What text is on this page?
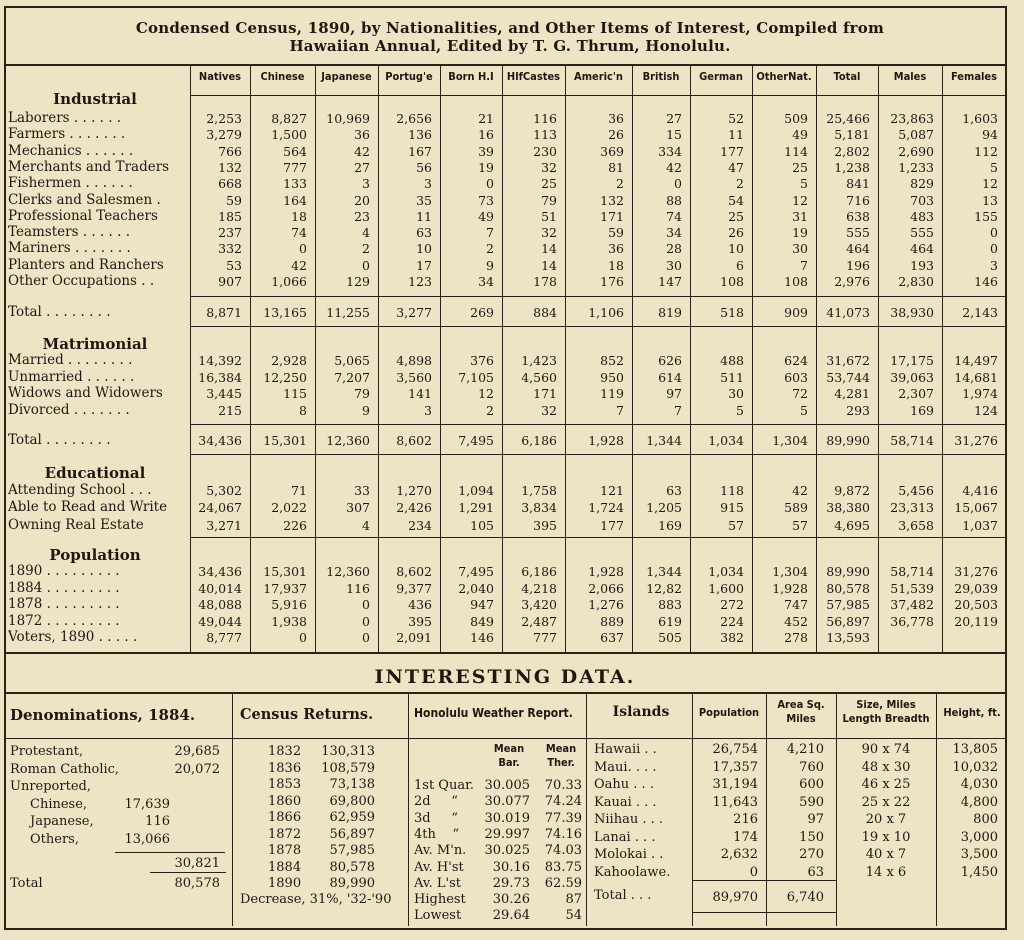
Condensed Census, 1890, by Nationalities, and Other Items of Interest, Compiled from
Hawaiian Annual, Edited by T. G. Thrum, Honolulu.
Natives	Chinese	Japanese	Portug'e	Born H.I	HlfCastes	Americ'n	British	German	OtherNat.	Total	Males	Females
Industrial
Laborers . . . . . .	2,253	8,827	10,969	2,656	21	116	36	27	52	509	25,466	23,863	1,603
Farmers . . . . . . .	3,279	1,500	36	136	16	113	26	15	11	49	5,181	5,087	94
Mechanics . . . . . .	766	564	42	167	39	230	369	334	177	114	2,802	2,690	112
Merchants and Traders	132	777	27	56	19	32	81	42	47	25	1,238	1,233	5
Fishermen . . . . . .	668	133	3	3	0	25	2	0	2	5	841	829	12
Clerks and Salesmen .	59	164	20	35	73	79	132	88	54	12	716	703	13
Professional Teachers	185	18	23	11	49	51	171	74	25	31	638	483	155
Teamsters . . . . . .	237	74	4	63	7	32	59	34	26	19	555	555	0
Mariners . . . . . . .	332	0	2	10	2	14	36	28	10	30	464	464	0
Planters and Ranchers	53	42	0	17	9	14	18	30	6	7	196	193	3
Other Occupations . .	907	1,066	129	123	34	178	176	147	108	108	2,976	2,830	146
Total . . . . . . . .	8,871	13,165	11,255	3,277	269	884	1,106	819	518	909	41,073	38,930	2,143
Matrimonial
Married . . . . . . . .	14,392	2,928	5,065	4,898	376	1,423	852	626	488	624	31,672	17,175	14,497
Unmarried . . . . . .	16,384	12,250	7,207	3,560	7,105	4,560	950	614	511	603	53,744	39,063	14,681
Widows and Widowers	3,445	115	79	141	12	171	119	97	30	72	4,281	2,307	1,974
Divorced . . . . . . .	215	8	9	3	2	32	7	7	5	5	293	169	124
Total . . . . . . . .	34,436	15,301	12,360	8,602	7,495	6,186	1,928	1,344	1,034	1,304	89,990	58,714	31,276
Educational
Attending School . . .	5,302	71	33	1,270	1,094	1,758	121	63	118	42	9,872	5,456	4,416
Able to Read and Write	24,067	2,022	307	2,426	1,291	3,834	1,724	1,205	915	589	38,380	23,313	15,067
Owning Real Estate	3,271	226	4	234	105	395	177	169	57	57	4,695	3,658	1,037
Population
1890 . . . . . . . . .	34,436	15,301	12,360	8,602	7,495	6,186	1,928	1,344	1,034	1,304	89,990	58,714	31,276
1884 . . . . . . . . .	40,014	17,937	116	9,377	2,040	4,218	2,066	12,82	1,600	1,928	80,578	51,539	29,039
1878 . . . . . . . . .	48,088	5,916	0	436	947	3,420	1,276	883	272	747	57,985	37,482	20,503
1872 . . . . . . . . .	49,044	1,938	0	395	849	2,487	889	619	224	452	56,897	36,778	20,119
Voters, 1890 . . . . .	8,777	0	0	2,091	146	777	637	505	382	278	13,593
INTERESTING DATA.
Denominations, 1884.
Protestant,	29,685
Roman Catholic,	20,072
Unreported,
Chinese,	17,639
Japanese,	116
Others,	13,066
30,821
Total	80,578
Census Returns.
1832	130,313
1836	108,579
1853	73,138
1860	69,800
1866	62,959
1872	56,897
1878	57,985
1884	80,578
1890	89,990
Decrease, 31%, '32-'90
Honolulu Weather Report.
Mean Bar.
Mean Ther.
1st Quar. 30.005	70.33
2d     “ 30.077	74.24
3d     “ 30.019	77.39
4th    “ 29.997	74.16
Av. M'n. 30.025	74.03
Av. H'st	30.16	83.75
Av. L'st	29.73	62.59
Highest	30.26	87
Lowest	29.64	54
Islands	Population
Area Sq. Miles
Size, Miles Length Breadth	Height, ft.
Hawaii . .	26,754	4,210	90 x 74	13,805
Maui. . . .	17,357	760	48 x 30	10,032
Oahu . . .	31,194	600	46 x 25	4,030
Kauai . . .	11,643	590	25 x 22	4,800
Niihau . . .	216	97	20 x 7	800
Lanai . . .	174	150	19 x 10	3,000
Molokai . .	2,632	270	40 x 7	3,500
Kahoolawe.	0	63	14 x 6	1,450
Total . . .	89,970	6,740
